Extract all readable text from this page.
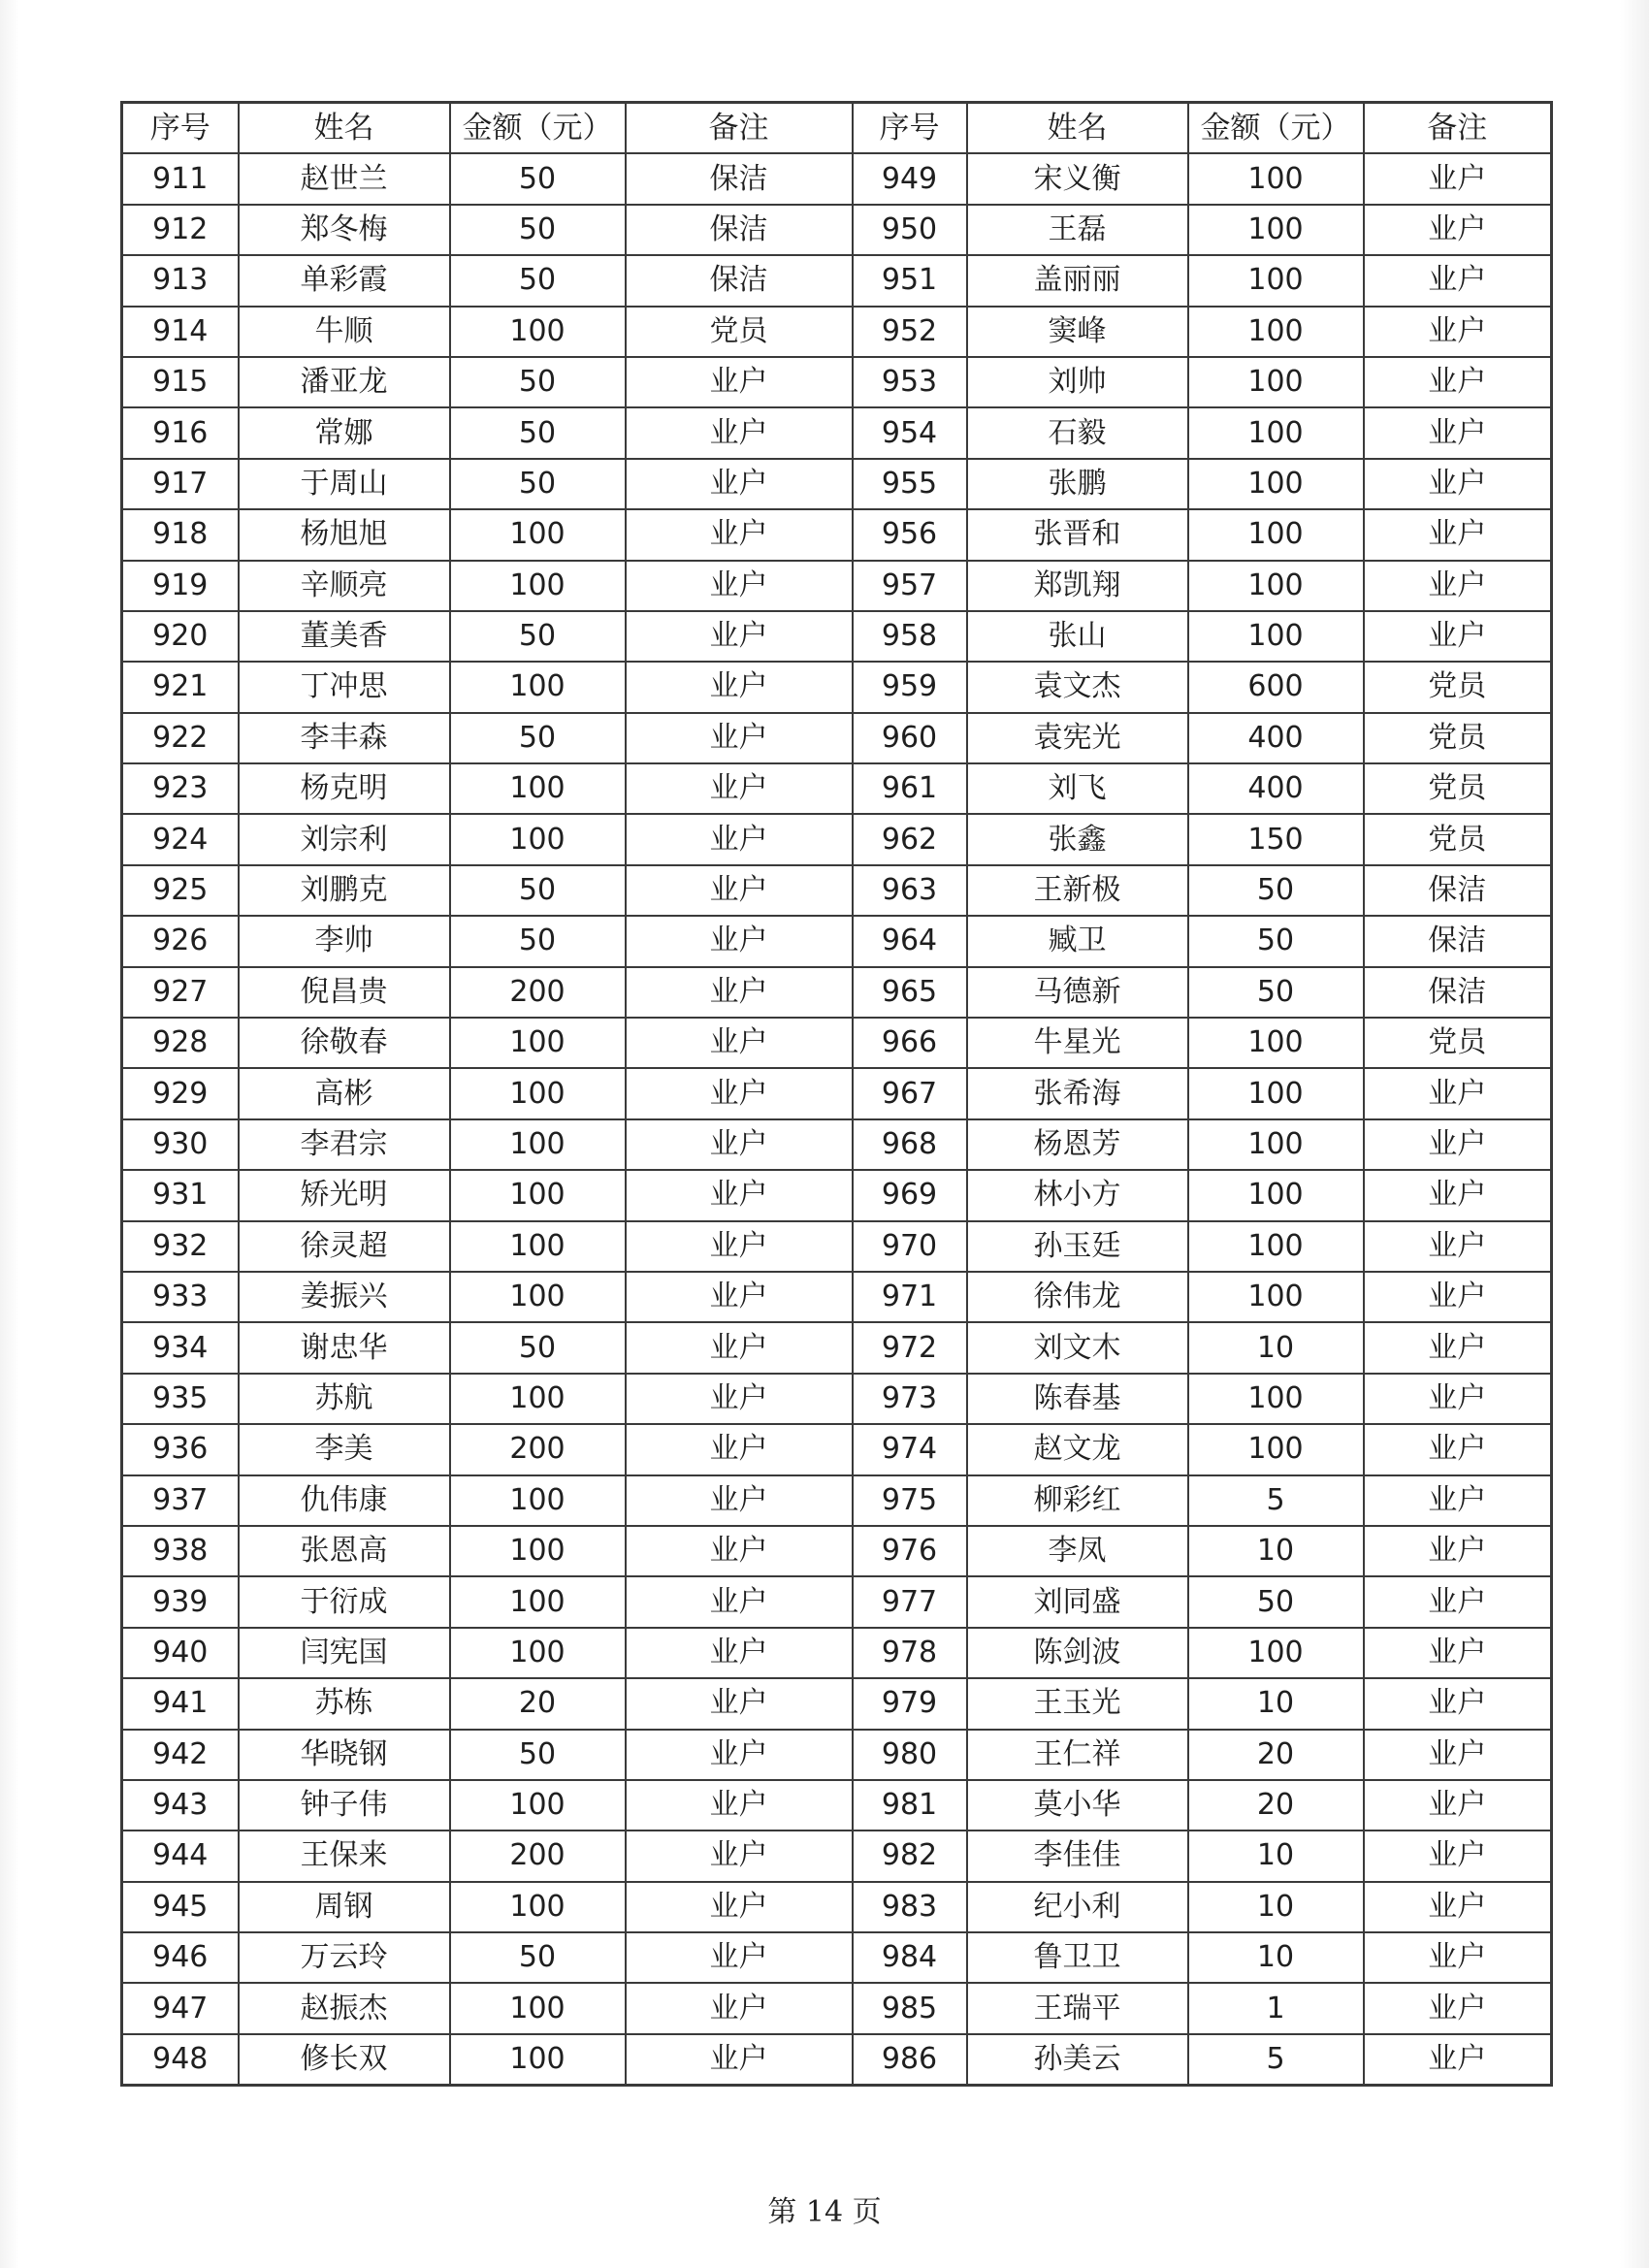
序号	姓名	金额（元）	备注	序号	姓名	金额（元）	备注
911	赵世兰	50	保洁	949	宋义衡	100	业户
912	郑冬梅	50	保洁	950	王磊	100	业户
913	单彩霞	50	保洁	951	盖丽丽	100	业户
914	牛顺	100	党员	952	窦峰	100	业户
915	潘亚龙	50	业户	953	刘帅	100	业户
916	常娜	50	业户	954	石毅	100	业户
917	于周山	50	业户	955	张鹏	100	业户
918	杨旭旭	100	业户	956	张晋和	100	业户
919	辛顺亮	100	业户	957	郑凯翔	100	业户
920	董美香	50	业户	958	张山	100	业户
921	丁冲思	100	业户	959	袁文杰	600	党员
922	李丰森	50	业户	960	袁宪光	400	党员
923	杨克明	100	业户	961	刘飞	400	党员
924	刘宗利	100	业户	962	张鑫	150	党员
925	刘鹏克	50	业户	963	王新极	50	保洁
926	李帅	50	业户	964	臧卫	50	保洁
927	倪昌贵	200	业户	965	马德新	50	保洁
928	徐敬春	100	业户	966	牛星光	100	党员
929	高彬	100	业户	967	张希海	100	业户
930	李君宗	100	业户	968	杨恩芳	100	业户
931	矫光明	100	业户	969	林小方	100	业户
932	徐灵超	100	业户	970	孙玉廷	100	业户
933	姜振兴	100	业户	971	徐伟龙	100	业户
934	谢忠华	50	业户	972	刘文木	10	业户
935	苏航	100	业户	973	陈春基	100	业户
936	李美	200	业户	974	赵文龙	100	业户
937	仇伟康	100	业户	975	柳彩红	5	业户
938	张恩高	100	业户	976	李凤	10	业户
939	于衍成	100	业户	977	刘同盛	50	业户
940	闫宪国	100	业户	978	陈剑波	100	业户
941	苏栋	20	业户	979	王玉光	10	业户
942	华晓钢	50	业户	980	王仁祥	20	业户
943	钟子伟	100	业户	981	莫小华	20	业户
944	王保来	200	业户	982	李佳佳	10	业户
945	周钢	100	业户	983	纪小利	10	业户
946	万云玲	50	业户	984	鲁卫卫	10	业户
947	赵振杰	100	业户	985	王瑞平	1	业户
948	修长双	100	业户	986	孙美云	5	业户
第 14 页
